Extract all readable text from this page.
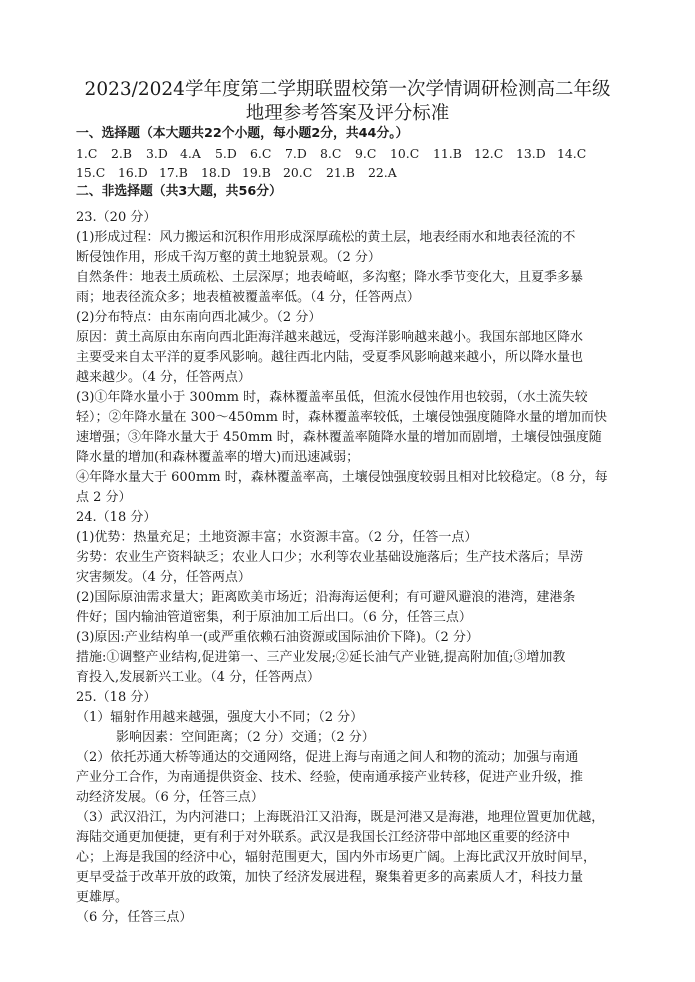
2023/2024学年度第二学期联盟校第一次学情调研检测高二年级
地理参考答案及评分标准
一、选择题（本大题共22个小题，每小题2分，共44分。）
1.C 2.B 3.D 4.A 5.D 6.C 7.D 8.C 9.C 10.C 11.B 12.C 13.D 14.C
15.C 16.D 17.B 18.D 19.B 20.C 21.B 22.A
二、非选择题（共3大题，共56分）
23.（20 分）
(1)形成过程：风力搬运和沉积作用形成深厚疏松的黄土层，地表经雨水和地表径流的不
断侵蚀作用，形成千沟万壑的黄土地貌景观。（2 分）
自然条件：地表土质疏松、土层深厚；地表崎岖，多沟壑；降水季节变化大，且夏季多暴
雨；地表径流众多；地表植被覆盖率低。（4 分，任答两点）
(2)分布特点：由东南向西北减少。（2 分）
原因：黄土高原由东南向西北距海洋越来越远，受海洋影响越来越小。我国东部地区降水
主要受来自太平洋的夏季风影响。越往西北内陆，受夏季风影响越来越小，所以降水量也
越来越少。（4 分，任答两点）
(3)①年降水量小于 300mm 时，森林覆盖率虽低，但流水侵蚀作用也较弱，（水土流失较
轻）；②年降水量在 300～450mm 时，森林覆盖率较低，土壤侵蚀强度随降水量的增加而快
速增强；③年降水量大于 450mm 时，森林覆盖率随降水量的增加而剧增，土壤侵蚀强度随
降水量的增加(和森林覆盖率的增大)而迅速减弱；
④年降水量大于 600mm 时，森林覆盖率高，土壤侵蚀强度较弱且相对比较稳定。（8 分，每
点 2 分）
24.（18 分）
(1)优势：热量充足；土地资源丰富；水资源丰富。（2 分，任答一点）
劣势：农业生产资料缺乏；农业人口少；水利等农业基础设施落后；生产技术落后；旱涝
灾害频发。（4 分，任答两点）
(2)国际原油需求量大；距离欧美市场近；沿海海运便利；有可避风避浪的港湾，建港条
件好；国内输油管道密集，利于原油加工后出口。（6 分，任答三点）
(3)原因:产业结构单一(或严重依赖石油资源或国际油价下降)。（2 分）
措施:①调整产业结构,促进第一、三产业发展;②延长油气产业链,提高附加值;③增加教
育投入,发展新兴工业。（4 分，任答两点）
25.（18 分）
（1）辐射作用越来越强，强度大小不同；（2 分）
影响因素：空间距离；（2 分）交通；（2 分）
（2）依托苏通大桥等通达的交通网络，促进上海与南通之间人和物的流动；加强与南通
产业分工合作，为南通提供资金、技术、经验，使南通承接产业转移，促进产业升级，推
动经济发展。（6 分，任答三点）
（3）武汉沿江，为内河港口；上海既沿江又沿海，既是河港又是海港，地理位置更加优越，
海陆交通更加便捷，更有利于对外联系。武汉是我国长江经济带中部地区重要的经济中
心；上海是我国的经济中心，辐射范围更大，国内外市场更广阔。上海比武汉开放时间早，
更早受益于改革开放的政策，加快了经济发展进程，聚集着更多的高素质人才，科技力量
更雄厚。
（6 分，任答三点）
